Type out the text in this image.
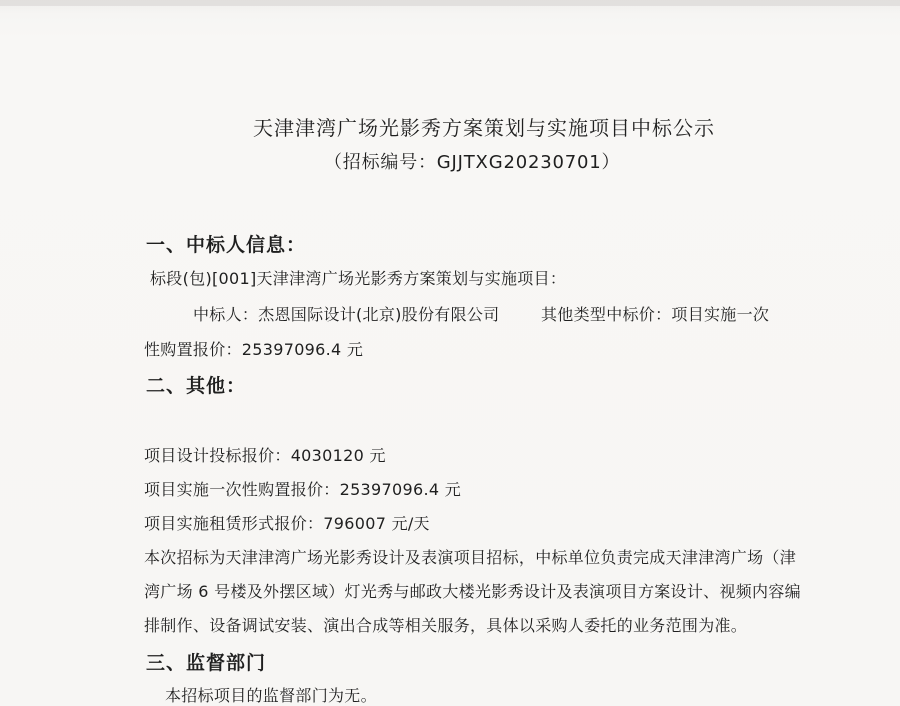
天津津湾广场光影秀方案策划与实施项目中标公示
（招标编号：GJJTXG20230701）
一、中标人信息：
标段(包)[001]天津津湾广场光影秀方案策划与实施项目：
中标人：杰恩国际设计(北京)股份有限公司	其他类型中标价：项目实施一次
性购置报价：25397096.4 元
二、其他：
项目设计投标报价：4030120 元
项目实施一次性购置报价：25397096.4 元
项目实施租赁形式报价：796007 元/天
本次招标为天津津湾广场光影秀设计及表演项目招标，中标单位负责完成天津津湾广场（津
湾广场 6 号楼及外摆区域）灯光秀与邮政大楼光影秀设计及表演项目方案设计、视频内容编
排制作、设备调试安装、演出合成等相关服务，具体以采购人委托的业务范围为准。
三、监督部门
本招标项目的监督部门为无。
